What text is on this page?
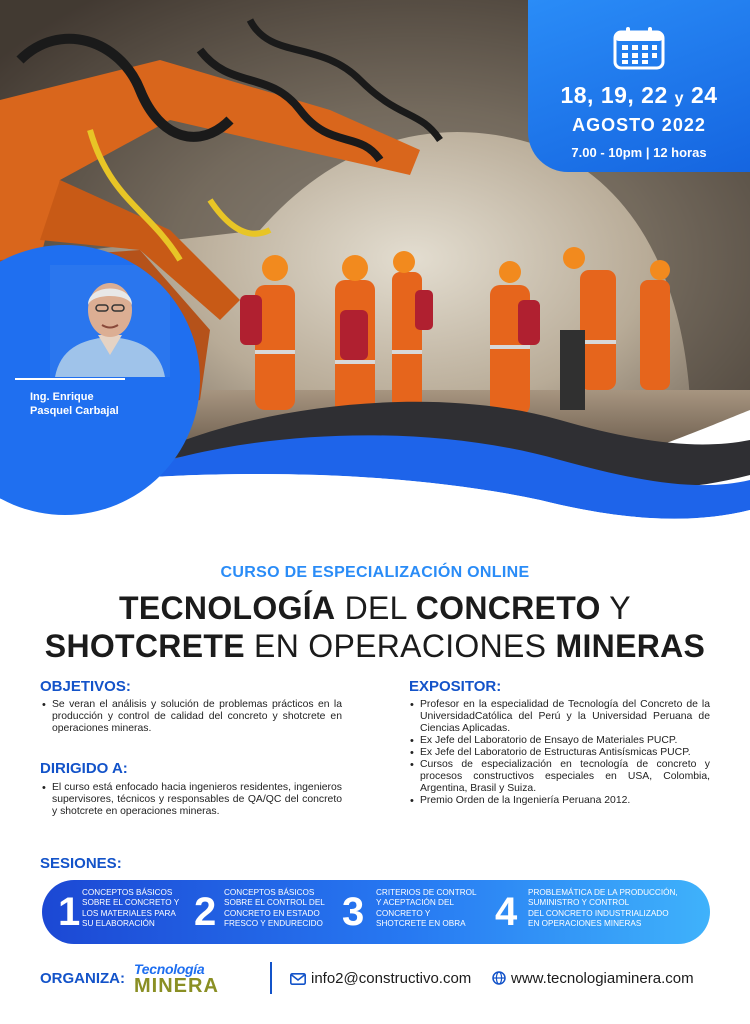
18, 19, 22 y 24
AGOSTO 2022
7.00 - 10pm | 12 horas
Ing. Enrique
Pasquel Carbajal
CURSO DE ESPECIALIZACIÓN ONLINE
TECNOLOGÍA DEL CONCRETO Y
SHOTCRETE EN OPERACIONES MINERAS
OBJETIVOS:
• Se veran el análisis y solución de problemas prácticos en la producción y control de calidad del concreto y shotcrete en operaciones mineras.
DIRIGIDO A:
• El curso está enfocado hacia ingenieros residentes, ingenieros supervisores, técnicos y responsables de QA/QC del concreto y shotcrete en operaciones mineras.
EXPOSITOR:
• Profesor en la especialidad de Tecnología del Concreto de la UniversidadCatólica del Perú y la Universidad Peruana de Ciencias Aplicadas.
• Ex Jefe del Laboratorio de Ensayo de Materiales PUCP.
• Ex Jefe del Laboratorio de Estructuras Antisísmicas PUCP.
• Cursos de especialización en tecnología de concreto y procesos constructivos especiales en USA, Colombia, Argentina, Brasil y Suiza.
• Premio Orden de la Ingeniería Peruana 2012.
SESIONES:
1 CONCEPTOS BÁSICOS
SOBRE EL CONCRETO Y
LOS MATERIALES PARA
SU ELABORACIÓN 2 CONCEPTOS BÁSICOS
SOBRE EL CONTROL DEL
CONCRETO EN ESTADO
FRESCO Y ENDURECIDO 3 CRITERIOS DE CONTROL
Y ACEPTACIÓN DEL
CONCRETO Y
SHOTCRETE EN OBRA 4 PROBLEMÁTICA DE LA PRODUCCIÓN,
SUMINISTRO Y CONTROL
DEL CONCRETO INDUSTRIALIZADO
EN OPERACIONES MINERAS
ORGANIZA:
Tecnología
MINERA	info2@constructivo.com	www.tecnologiaminera.com
